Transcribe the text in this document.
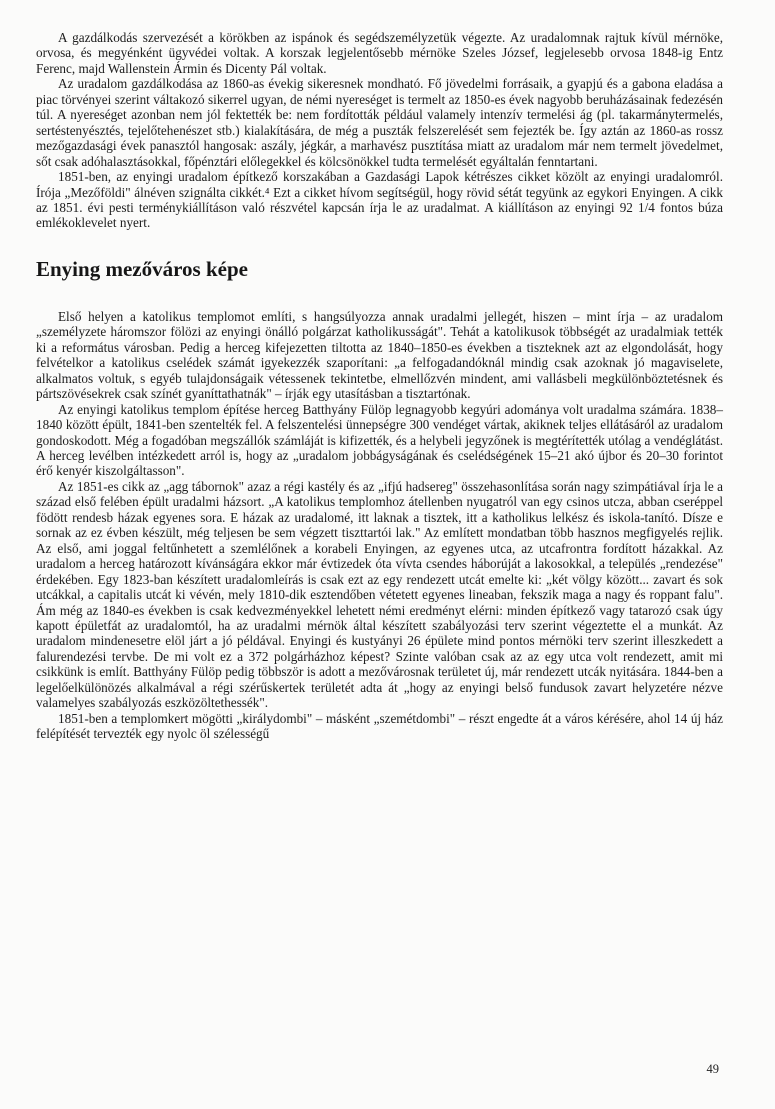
A gazdálkodás szervezését a körökben az ispánok és segédszemélyzetük végezte. Az uradalomnak rajtuk kívül mérnöke, orvosa, és megyénként ügyvédei voltak. A korszak legjelentősebb mérnöke Szeles József, legjelesebb orvosa 1848-ig Entz Ferenc, majd Wallenstein Ármin és Dicenty Pál voltak.

Az uradalom gazdálkodása az 1860-as évekig sikeresnek mondható. Fő jövedelmi forrásaik, a gyapjú és a gabona eladása a piac törvényei szerint váltakozó sikerrel ugyan, de némi nyereséget is termelt az 1850-es évek nagyobb beruházásainak fedezésén túl. A nyereséget azonban nem jól fektették be: nem fordították például valamely intenzív termelési ág (pl. takarmánytermelés, sertéstenyésztés, tejelőtehenészet stb.) kialakítására, de még a puszták felszerelését sem fejezték be. Így aztán az 1860-as rossz mezőgazdasági évek panasztól hangosak: aszály, jégkár, a marhavész pusztítása miatt az uradalom már nem termelt jövedelmet, sőt csak adóhalasztásokkal, főpénztári előlegekkel és kölcsönökkel tudta termelését egyáltalán fenntartani.

1851-ben, az enyingi uradalom építkező korszakában a Gazdasági Lapok kétrészes cikket közölt az enyingi uradalomról. Írója „Mezőföldi" álnéven szignálta cikkét.⁴ Ezt a cikket hívom segítségül, hogy rövid sétát tegyünk az egykori Enyingen. A cikk az 1851. évi pesti terménykiállításon való részvétel kapcsán írja le az uradalmat. A kiállításon az enyingi 92 1/4 fontos búza emlékoklevelet nyert.

Enying mezőváros képe

Első helyen a katolikus templomot említi, s hangsúlyozza annak uradalmi jellegét, hiszen – mint írja – az uradalom „személyzete háromszor fölözi az enyingi önálló polgárzat katholikusságát". Tehát a katolikusok többségét az uradalmiak tették ki a református városban. Pedig a herceg kifejezetten tiltotta az 1840–1850-es években a tiszteknek azt az elgondolását, hogy felvételkor a katolikus cselédek számát igyekezzék szaporítani: „a felfogadandóknál mindig csak azoknak jó magaviselete, alkalmatos voltuk, s egyéb tulajdonságaik vétessenek tekintetbe, elmellőzvén mindent, ami vallásbeli megkülönböztetésnek és pártszövésekrek csak színét gyaníttathatnák" – írják egy utasításban a tisztartónak.

Az enyingi katolikus templom építése herceg Batthyány Fülöp legnagyobb kegyúri adománya volt uradalma számára. 1838–1840 között épült, 1841-ben szentelték fel. A felszentelési ünnepségre 300 vendéget vártak, akiknek teljes ellátásáról az uradalom gondoskodott. Még a fogadóban megszállók számláját is kifizették, és a helybeli jegyzőnek is megtérítették utólag a vendéglátást. A herceg levélben intézkedett arról is, hogy az „uradalom jobbágyságának és cselédségének 15–21 akó újbor és 20–30 forintot érő kenyér kiszolgáltasson".

Az 1851-es cikk az „agg tábornok" azaz a régi kastély és az „ifjú hadsereg" összehasonlítása során nagy szimpátiával írja le a század első felében épült uradalmi házsort. „A katolikus templomhoz átellenben nyugatról van egy csinos utcza, abban cseréppel födött rendesb házak egyenes sora. E házak az uradalomé, itt laknak a tisztek, itt a katholikus lelkész és iskola-tanító. Dísze e sornak az ez évben készült, még teljesen be sem végzett tiszttartói lak." Az említett mondatban több hasznos megfigyelés rejlik. Az első, ami joggal feltűnhetett a szemlélőnek a korabeli Enyingen, az egyenes utca, az utcafrontra fordított házakkal. Az uradalom a herceg határozott kívánságára ekkor már évtizedek óta vívta csendes háborúját a lakosokkal, a település „rendezése" érdekében. Egy 1823-ban készített uradalomleírás is csak ezt az egy rendezett utcát emelte ki: „két völgy között... zavart és sok utcákkal, a capitalis utcát ki vévén, mely 1810-dik esztendőben vétetett egyenes lineaban, fekszik maga a nagy és roppant falu". Ám még az 1840-es években is csak kedvezményekkel lehetett némi eredményt elérni: minden építkező vagy tatarozó csak úgy kapott épületfát az uradalomtól, ha az uradalmi mérnök által készített szabályozási terv szerint végeztette el a munkát. Az uradalom mindenesetre elöl járt a jó példával. Enyingi és kustyányi 26 épülete mind pontos mérnöki terv szerint illeszkedett a falurendezési tervbe. De mi volt ez a 372 polgárházhoz képest? Szinte valóban csak az az egy utca volt rendezett, amit mi csikkünk is említ. Batthyány Fülöp pedig többször is adott a mezővárosnak területet új, már rendezett utcák nyitására. 1844-ben a legelőelkülönözés alkalmával a régi szérűskertek területét adta át „hogy az enyingi belső fundusok zavart helyzetére nézve valamelyes szabályozás eszközöltethessék".

1851-ben a templomkert mögötti „királydombi" – másként „szemétdombi" – részt engedte át a város kérésére, ahol 14 új ház felépítését tervezték egy nyolc öl szélességű

49
